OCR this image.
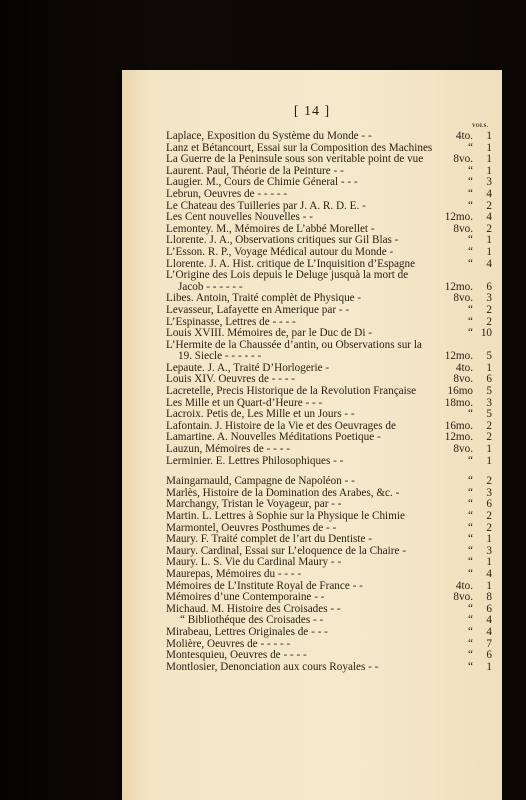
[ 14 ]
VOLS.
Laplace, Exposition du Système du Monde - -	4to.	1
Lanz et Bétancourt, Essai sur la Composition des Machines	“	1
La Guerre de la Peninsule sous son veritable point de vue	8vo.	1
Laurent. Paul, Théorie de la Peinture - -	“	1
Laugier. M., Cours de Chimie Géneral - - -	“	3
Lebrun, Oeuvres de - - - - -	“	4
Le Chateau des Tuilleries par J. A. R. D. E. -	“	2
Les Cent nouvelles Nouvelles - -	12mo.	4
Lemontey. M., Mémoires de L’abbé Morellet -	8vo.	2
Llorente. J. A., Observations critiques sur Gil Blas -	“	1
L’Esson. R. P., Voyage Médical autour du Monde -	“	1
Llorente. J. A. Hist. critique de L’Inquisition d’Espagne	“	4
L’Origine des Lois depuis le Deluge jusquà la mort de
Jacob - - - - - -	12mo.	6
Libes. Antoin, Traité complèt de Physique -	8vo.	3
Levasseur, Lafayette en Amerique par - -	“	2
L’Espinasse, Lettres de - - - -	“	2
Louis XVIII. Mémoires de, par le Duc de Di -	“ 10
L’Hermite de la Chaussée d’antin, ou Observations sur la
19. Siecle - - - - - -	12mo.	5
Lepaute. J. A., Traité D’Horlogerie -	4to.	1
Louis XIV. Oeuvres de - - - -	8vo.	6
Lacretelle, Precis Historique de la Revolution Française	16mo	5
Les Mille et un Quart-d’Heure - - -	18mo.	3
Lacroix. Petis de, Les Mille et un Jours - -	“	5
Lafontain. J. Histoire de la Vie et des Oeuvrages de	16mo.	2
Lamartine. A. Nouvelles Méditations Poetique -	12mo.	2
Lauzun, Mémoires de - - - -	8vo.	1
Lerminier. E. Lettres Philosophiques - -	“	1
Maingarnauld, Campagne de Napoléon - -	“	2
Marlès, Histoire de la Domination des Arabes, &c. -	“	3
Marchangy, Tristan le Voyageur, par - -	“	6
Martin. L. Lettres à Sophie sur la Physique le Chimie	“	2
Marmontel, Oeuvres Posthumes de - -	“	2
Maury. F. Traité complet de l’art du Dentiste -	“	1
Maury. Cardinal, Essai sur L’eloquence de la Chaire -	“	3
Maury. L. S. Vie du Cardinal Maury - -	“	1
Maurepas, Mémoires du - - - -	“	4
Mémoires de L’Institute Royal de France - -	4to.	1
Mémoires d’une Contemporaine - -	8vo.	8
Michaud. M. Histoire des Croisades - -	“	6
“ Bibliothéque des Croisades - -	“	4
Mirabeau, Lettres Originales de - - -	“	4
Molière, Oeuvres de - - - - -	“	7
Montesquieu, Oeuvres de - - - -	“	6
Montlosier, Denonciation aux cours Royales - -	“	1
